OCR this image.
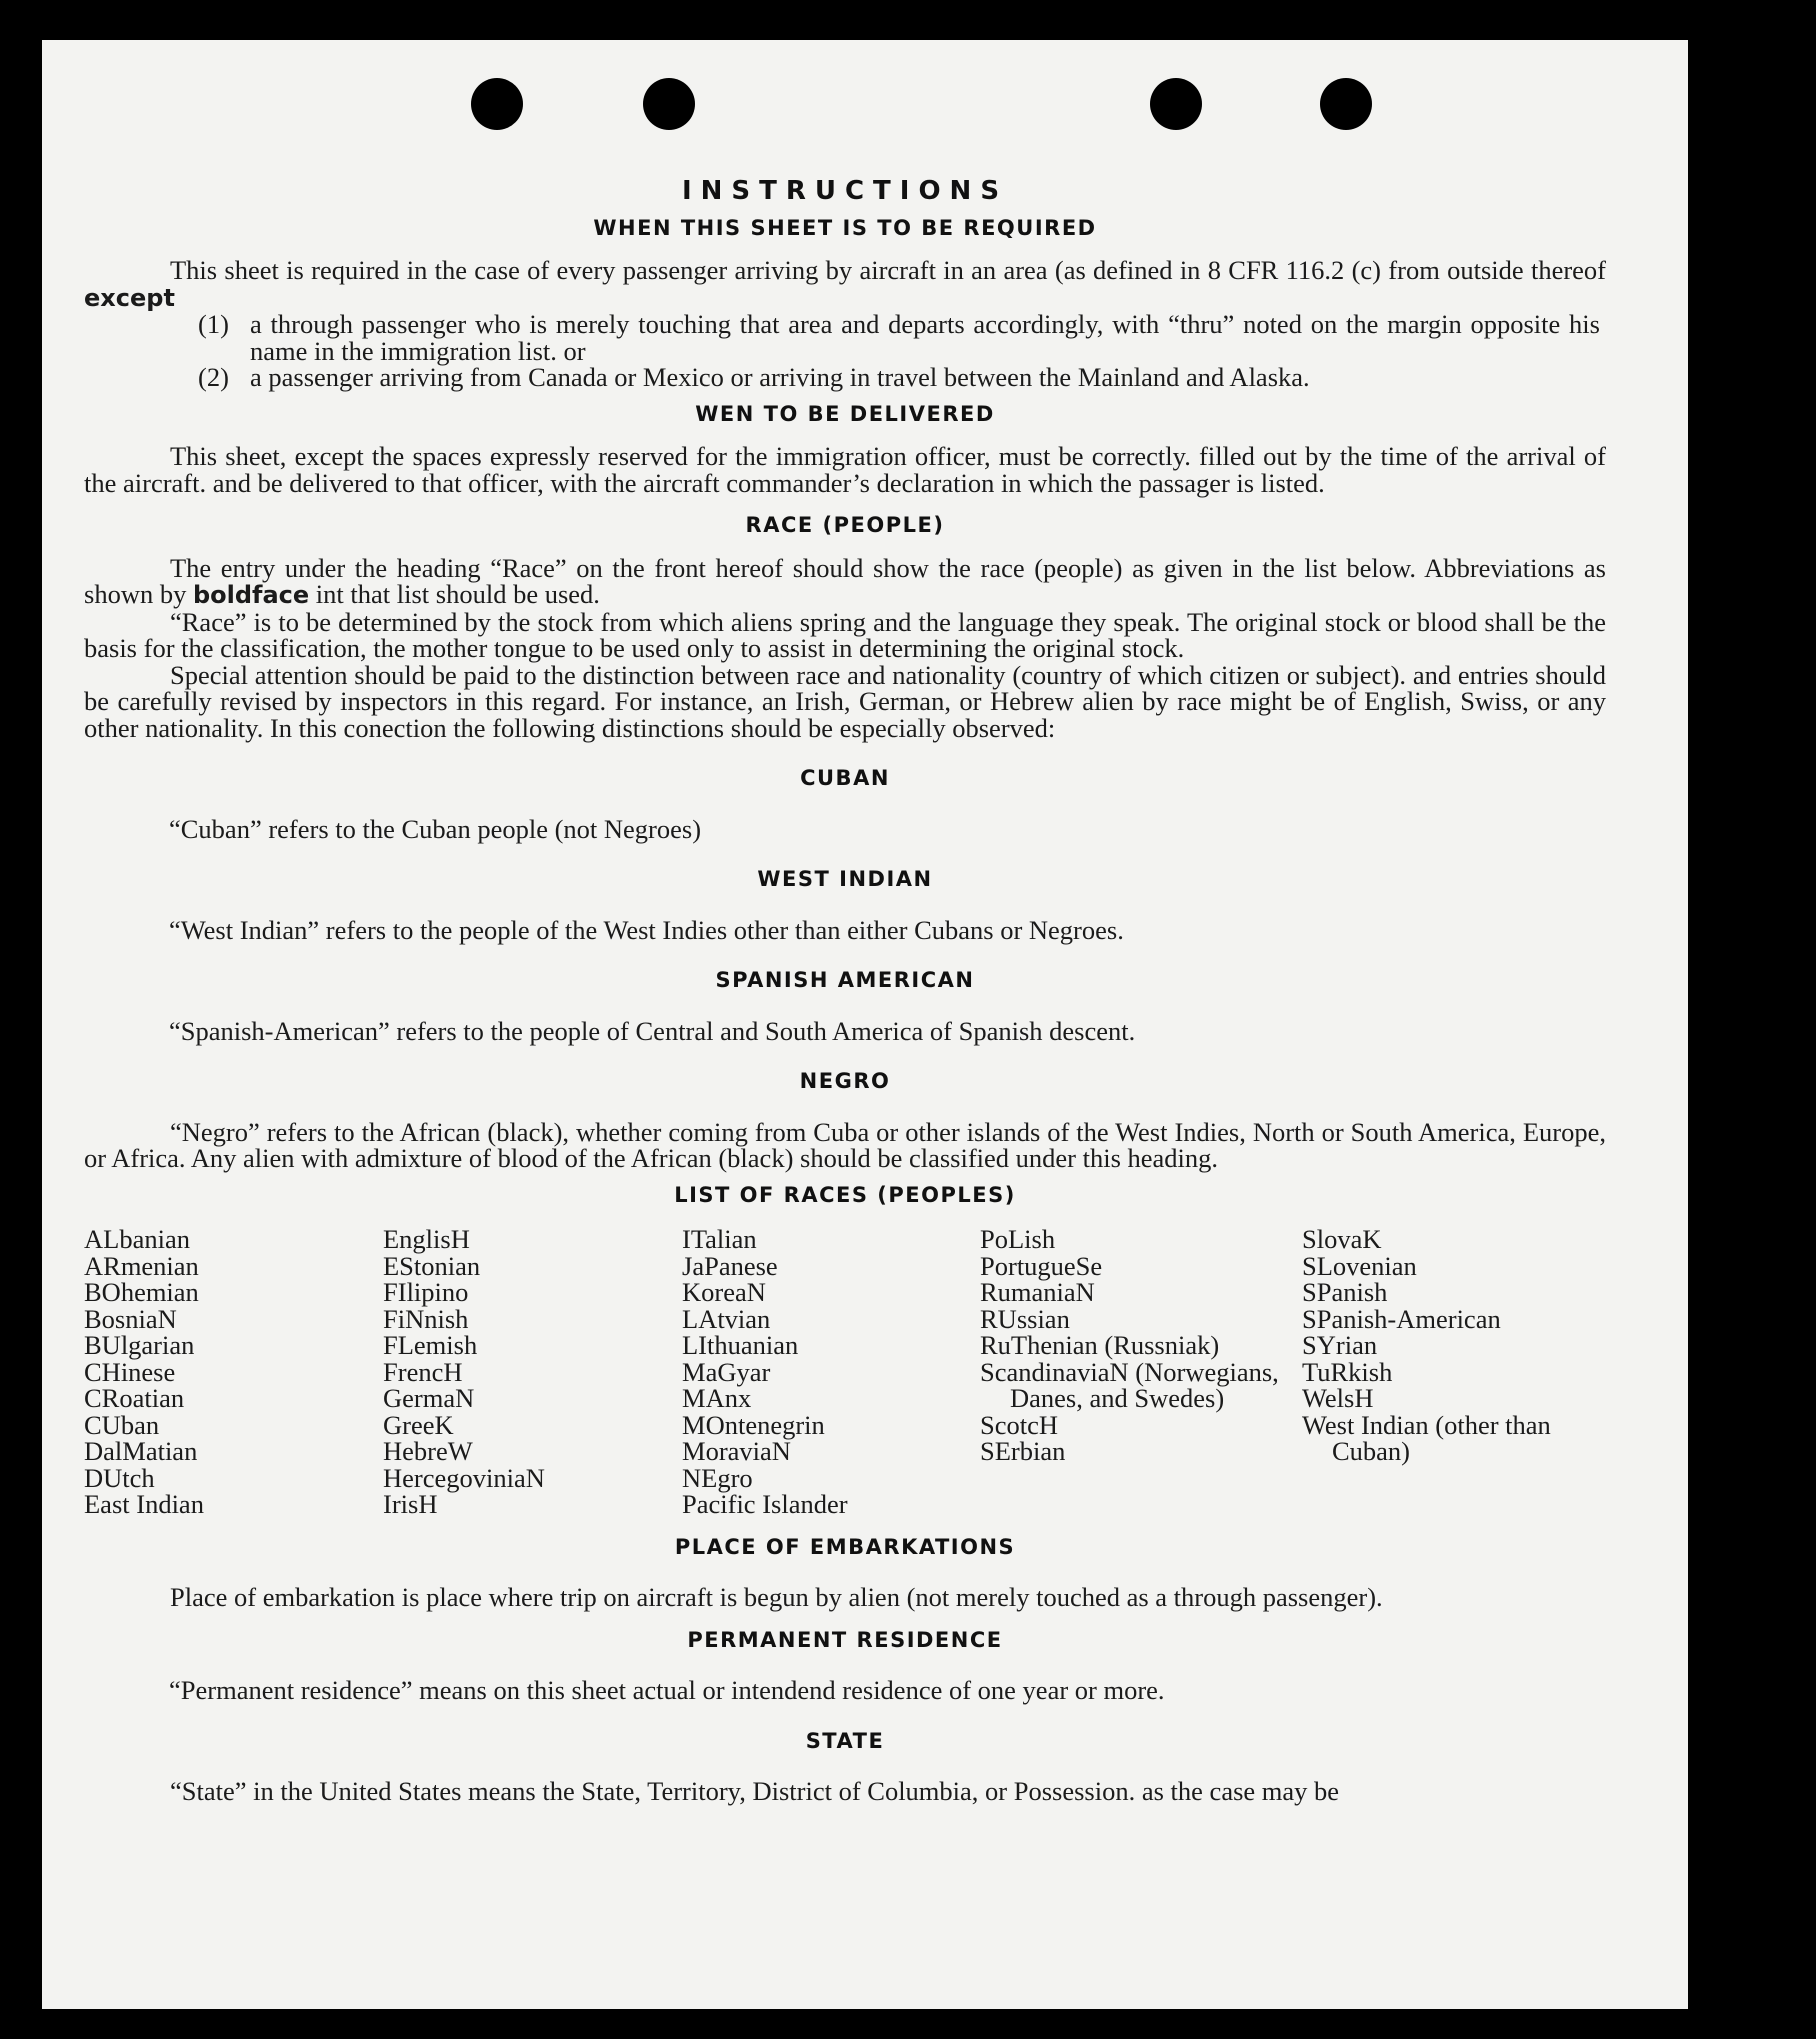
INSTRUCTIONS
WHEN THIS SHEET IS TO BE REQUIRED

This sheet is required in the case of every passenger arriving by aircraft in an area (as defined in 8 CFR 116.2 (c) from outside thereof except

(1) a through passenger who is merely touching that area and departs accordingly, with “thru” noted on the margin opposite his name in the immigration list. or
(2) a passenger arriving from Canada or Mexico or arriving in travel between the Mainland and Alaska.
WEN TO BE DELIVERED

This sheet, except the spaces expressly reserved for the immigration officer, must be correctly. filled out by the time of the arrival of the aircraft. and be delivered to that officer, with the aircraft commander’s declaration in which the passager is listed.

RACE (PEOPLE)

The entry under the heading “Race” on the front hereof should show the race (people) as given in the list below. Abbreviations as shown by boldface int that list should be used.

“Race” is to be determined by the stock from which aliens spring and the language they speak. The original stock or blood shall be the basis for the classification, the mother tongue to be used only to assist in determining the original stock.

Special attention should be paid to the distinction between race and nationality (country of which citizen or subject). and entries should be carefully revised by inspectors in this regard. For instance, an Irish, German, or Hebrew alien by race might be of English, Swiss, or any other nationality. In this conection the following distinctions should be especially observed:

CUBAN

“Cuban” refers to the Cuban people (not Negroes)

WEST INDIAN

“West Indian” refers to the people of the West Indies other than either Cubans or Negroes.

SPANISH AMERICAN

“Spanish-American” refers to the people of Central and South America of Spanish descent.

NEGRO

“Negro” refers to the African (black), whether coming from Cuba or other islands of the West Indies, North or South America, Europe, or Africa. Any alien with admixture of blood of the African (black) should be classified under this heading.

LIST OF RACES (PEOPLES)
ALbanian
ARmenian
BOhemian
BosniaN
BUlgarian
CHinese
CRoatian
CUban
DalMatian
DUtch
East Indian
EnglisH
EStonian
FIlipino
FiNnish
FLemish
FrencH
GermaN
GreeK
HebreW
HercegoviniaN
IrisH
ITalian
JaPanese
KoreaN
LAtvian
LIthuanian
MaGyar
MAnx
MOntenegrin
MoraviaN
NEgro
Pacific Islander
PoLish
PortugueSe
RumaniaN
RUssian
RuThenian (Russniak)
ScandinaviaN (Norwegians, Danes, and Swedes)
ScotcH
SErbian
SlovaK
SLovenian
SPanish
SPanish-American
SYrian
TuRkish
WelsH
West Indian (other than Cuban)
PLACE OF EMBARKATIONS

Place of embarkation is place where trip on aircraft is begun by alien (not merely touched as a through passenger).

PERMANENT RESIDENCE

“Permanent residence” means on this sheet actual or intendend residence of one year or more.

STATE

“State” in the United States means the State, Territory, District of Columbia, or Possession. as the case may be
